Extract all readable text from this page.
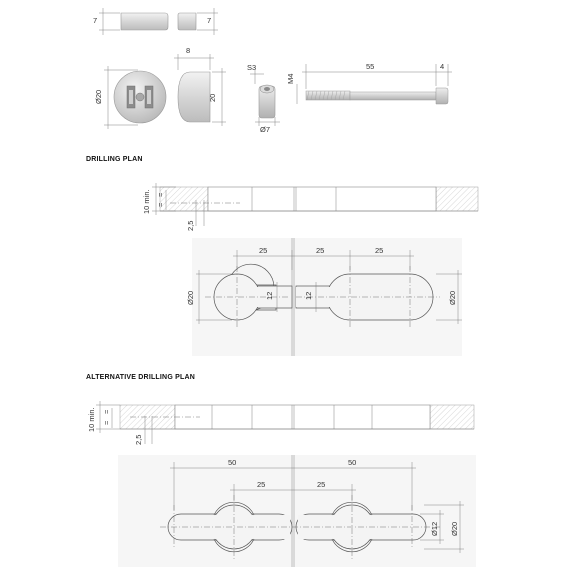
7	7
Ø20
8
20
S3
Ø7
M4
55	4
DRILLING PLAN
10 min. =
=
2,5
25	25	25
Ø20	12	12	Ø20
ALTERNATIVE DRILLING PLAN
10 min. =
=
2,5
50	50
25	25
Ø12 Ø20
